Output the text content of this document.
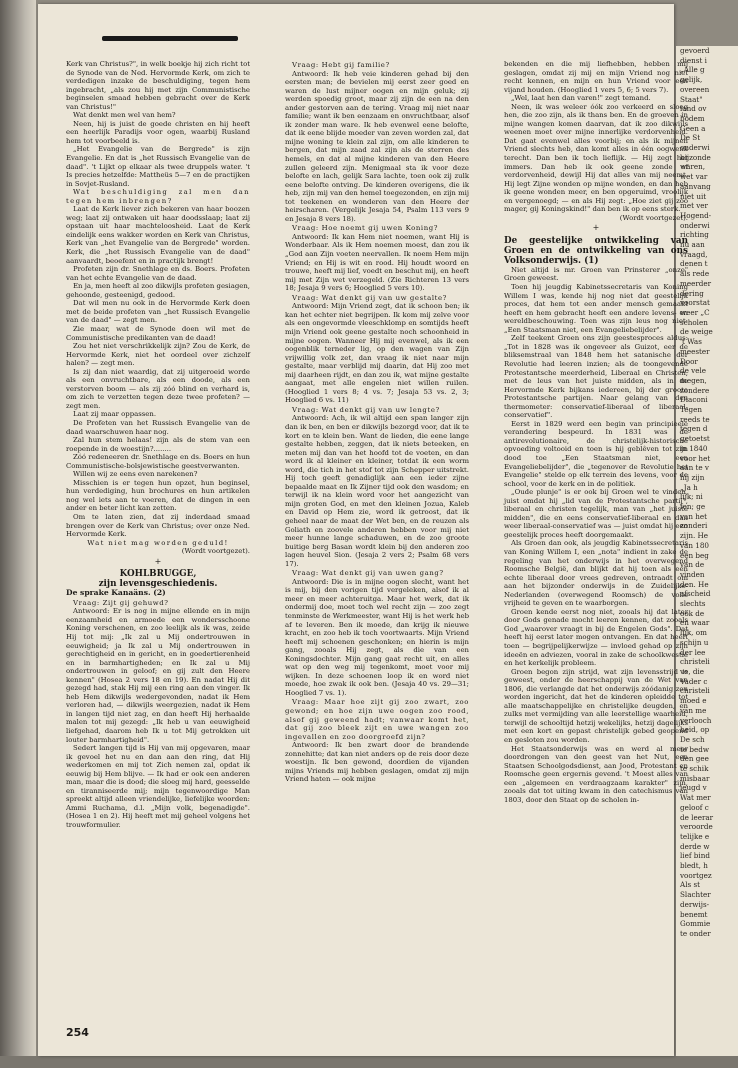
gevoerd
dienst i
„Alle g
gelijk,
overeen
Staat"
land ov
bodem
Geen a
De St
onderwi
bijzonde
waren,
wet var
aanvang
niet uit
met ver
Hogend-
onderwi
richting
nu aan
vraagd,
denen t
als rede
meerder
dering
voorstat
weer „C
scholen
de weige
't Was
meester
Door
de vele
megen,
zondere
Diaconi
Tegen
reeds te
tegen d
getoetst
in 1840
voor het
aan te v
hij zijn
„Ja h
lijk; ni
fen; ge
van het
zonderi
zijn. He
van 180
een beg
van de
vinden
den. He
afscheid
slechts
ook de
en waar
lijk, om
schijn u
der lee
christeli
ve, die
Vader c
christeli
moed e
van me
verlooch
heid, op
De sch
te bedw
den gee
te schik
misbaar
jeugd v
Wat mer
geloof c
de leerar
veroorde
telijke e
derde w
lief bind
bledt, h
voortgez
Als st
Slachter
derwijs-
benemt
Gommie
te onder

Kerk van Christus?", in welk boekje hij zich richt tot de Synode van de Ned. Hervormde Kerk, om zich te verdedigen inzake de beschuldiging, tegen hem ingebracht, „als zou hij met zijn Communistische beginselen smaad hebben gebracht over de Kerk van Christus!"

Wat denkt men wel van hem?

Neen, hij is juist de goede christen en hij heeft een heerlijk Paradijs voor ogen, waarbij Rusland hem tot voorbeeld is.

„Het Evangelie van de Bergrede" is zijn Evangelie. En dat is „het Russisch Evangelie van de daad". 't Lijkt op elkaar als twee druppels water. 't Is precies hetzelfde: Mattheüs 5—7 en de practijken in Sovjet-Rusland.

Wat beschuldiging zal men dan tegen hem inbrengen?

Laat de Kerk liever zich bekeren van haar boozen weg; laat zij ontwaken uit haar doodsslaap; laat zij opstaan uit haar machteloosheid. Laat de Kerk eindelijk eens wakker worden en Kerk van Christus, Kerk van „het Evangelie van de Bergrede" worden. Kerk, die „het Russisch Evangelie van de daad" aanvaardt, beoefent en in practijk brengt!

Profeten zijn dr. Snethlage en ds. Boers. Profeten van het echte Evangelie van de daad.

En ja, men heeft al zoo dikwijls profeten gesiagen, gehoonde, gesteenigd, gedood.

Dat wil men nu ook in de Hervormde Kerk doen met de beide profeten van „het Russisch Evangelie van de daad" — zegt men.

Zie maar, wat de Synode doen wil met de Communistische predikanten van de daad!

Zou het niet verschrikkelijk zijn? Zou de Kerk, de Hervormde Kerk, niet het oordeel over zichzelf halen? — zegt men.

Is zij dan niet waardig, dat zij uitgeroeid worde als een onvruchtbare, als een doode, als een verstorven boom — als zij zóó blind en verhard is, om zich te verzetten tegen deze twee profeten? — zegt men.

Laat zij maar oppassen.

De Profeten van het Russisch Evangelie van de daad waarschuwen haar nog.

Zal hun stem helaas! zijn als de stem van een roepende in de woestijn?........

Zóó redeneeren dr. Snethlage en ds. Boers en hun Communistische-bolsjewistische geestverwanten.

Willen wij ze eens even narekenen?

Misschien is er tegen hun opzet, hun beginsel, hun verdediging, hun brochures en hun artikelen nog wel iets aan te voeren, dat de dingen in een ander en beter licht kan zetten.

Om te laten zien, dat zij inderdaad smaad brengen over de Kerk van Christus; over onze Ned. Hervormde Kerk.

Wat niet mag worden geduld!

(Wordt voortgezet).

+

KOHLBRUGGE,

zijn levensgeschiedenis.

De sprake Kanaäns. (2)

Vraag: Zijt gij gehuwd?

Antwoord: Er is nog in mijne ellende en in mijn eenzaamheid en armoede een wondersschoone Koning verschenen, en zoo leelijk als ik was, zeide Hij tot mij: „Ik zal u Mij ondertrouwen in eeuwigheid; ja Ik zal u Mij ondertrouwen in gerechtigheid en in gericht, en in goedertierenheid en in barmhartigheden; en Ik zal u Mij ondertrouwen in geloof; en gij zult den Heere kennen" (Hosea 2 vers 18 en 19). En nadat Hij dit gezegd had, stak Hij mij een ring aan den vinger. Ik heb Hem dikwijls wedergevonden, nadat ik Hem verloren had, — dikwijls weergezien, nadat ik Hem in langen tijd niet zag, en dan heeft Hij herhaalde malen tot mij gezegd: „Ik heb u van eeuwigheid liefgehad, daarom heb Ik u tot Mij getrokken uit louter barmhartigheid".

Sedert langen tijd is Hij van mij opgevaren, maar ik gevoel het nu en dan aan den ring, dat Hij wederkomen en mij tot Zich nemen zal, opdat ik eeuwig bij Hem blijve. — Ik had er ook een anderen man, maar die is dood; die sloeg mij hard, geesselde en tiranniseerde mij; mijn tegenwoordige Man spreekt altijd alleen vriendelijke, liefelijke woorden: Ammi Ruchama, d.l. „Mijn volk, begenadigde". (Hosea 1 en 2). Hij heeft met mij geheel volgens het trouwformulier.

Vraag: Hebt gij familie?

Antwoord: Ik heb veie kinderen gehad bij den eersten man; de bevielen mij eerst zeer goed en waren de lust mijner oogen en mijn geluk; zij werden spoedig groot, maar zij zijn de een na den ander gestorven aan de tering. Vraag mij niet naar familie; want ik ben eenzaam en onvruchtbaar, alsof ik zonder man ware. Ik heb evenwel eene belofte, dat ik eene blijde moeder van zeven worden zal, dat mijne woning te klein zal zijn, om alle kinderen te bergen, dat mijn zaad zal zijn als de sterren des hemels, en dat al mijne kinderen van den Heere zullen geleerd zijn. Menigmaal sta ik voor deze belofte en lach, gelijk Sara lachte, toen ook zij zulk eene belofte ontving. De kinderen overigens, die ik heb, zijn mij van den hemel toegezonden, en zijn mij tot teekenen en wonderen van den Heere der heirscharen. (Vergelijk Jesaja 54, Psalm 113 vers 9 en Jesaja 8 vers 18).

Vraag: Hoe noemt gij uwen Koning?

Antwoord: Ik kan Hem niet noemen, want Hij is Wonderbaar. Als ik Hem noemen moest, dan zou ik „God aan Zijn voeten neervallen. Ik noem Hem mijn Vriend; en Hij is wit en rood. Hij houdt woord en trouwe, heeft mij lief, voedt en beschut mij, en heeft mij met Zijn wet verzegeld. (Zie Richteren 13 vers 18; Jesaja 9 vers 6; Hooglied 5 vers 10).

Vraag: Wat denkt gij van uw gestalte?

Antwoord: Mijn Vriend zegt, dat ik schoon ben; ik kan het echter niet begrijpen. Ik kom mij zelve voor als een ongevormde vleeschklomp en somtijds heeft mijn Vriend ook geene gestalte noch schoonheid in mijne oogen. Wanneer Hij mij evenwel, als ik een oogenblik terneder lig, op den wagen van Zijn vrijwillig volk zet, dan vraag ik niet naar mijn gestalte, maar verblijd mij daarin, dat Hij zoo met mij daarheen rijdt, en dan zou ik, wat mijne gestalte aangaat, met alle engelen niet willen ruilen. (Hooglied 1 vers 8; 4 vs. 7; Jesaja 53 vs. 2, 3; Hooglied 6 vs. 11)

Vraag: Wat denkt gij van uw lengte?

Antwoord: Ach, ik wil altijd een span langer zijn dan ik ben, en ben er dikwijls bezorgd voor, dat ik te kort en te klein ben. Want de lieden, die eene lange gestalte hebben, zeggen, dat ik niets beteeken, en meten mij dan van het hoofd tot de voeten, en dan word ik al kleiner en kleiner, totdat ik een worm word, die tich in het stof tot zijn Schepper uitstrekt. Hij toch geeft genadiglijk aan een ieder zijne bepaalde maat en Ik Zijner tijd ook den wasdom; en terwijl ik na klein word voor het aangezicht van mijn groten God, en met den kleinen Jozua, Kaleb en David op Hem zie, word ik getroost, dat ik geheel naar de maat der Wet ben, en de reuzen als Goliath en zoovele anderen hebben voor mij niet meer hunne lange schaduwen, en de zoo groote buitige berg Basan wordt klein bij den anderen zoo lagen heuvel Sion. (Jesaja 2 vers 2; Psalm 68 vers 17).

Vraag: Wat denkt gij van uwen gang?

Antwoord: Die is in mijne oogen slecht, want het is mij, bij den vorigen tijd vergeleken, alsof ik al meer en meer achteruitga. Maar het werk, dat ik ondermij doe, moet toch wel recht zijn — zoo zegt tenminste de Werkmeester, want Hij is het werk heb af te leveren. Ben ik moede, dan krijg ik nieuwe kracht, en zoo heb ik toch voortwaarts. Mijn Vriend heeft mij schoenen geschonken; en hierin is mijn gang, zooals Hij zegt, als die van een Koningsdochter. Mijn gang gaat recht uit, en alles wat op den weg mij tegenkomt, moet voor mij wijken. In deze schoenen loop ik en word niet moede, hoe zwak ik ook ben. (Jesaja 40 vs. 29—31; Hooglied 7 vs. 1).

Vraag: Maar hoe zijt gij zoo zwart, zoo gewond; en hoe zijn uwe oogen zoo rood, alsof gij geweend hadt; vanwaar komt het, dat gij zoo bleek zijt en uwe wangen zoo ingevallen en zoo doorgroefd zijn?

Antwoord: Ik ben zwart door de brandende zonnehitte; dat kan niet anders op de reis door deze woestijn. Ik ben gewond, doordien de vijanden mijns Vriends mij hebben geslagen, omdat zij mijn Vriend haten — ook mijne

bekenden en die mij liefhebben, hebben mij geslagen, omdat zij mij en mijn Vriend nog niet recht kennen, en mijn en hun Vriend voor een vijand houden. (Hooglied 1 vers 5, 6; 5 vers 7).

„Wel, laat hen dan varen!" zegt temand.

Neen, ik was weleer óók zoo verkeerd en sloeg hen, die zoo zijn, als ik thans ben. En de groeven in mijne wangen komen daarvan, dat ik zoo dikwijls weenen moet over mijne innerlijke verdorvenheid. Dat gaat evenwel alles voorbij; en als ik mijnen Vriend slechts heb, dan komt alles in één oogwenk terecht. Dan ben ik toch lieflijk. — Hij zegt het immers. Dan heb ik ook geene zonde of verdorvenheid, dewijl Hij dat alles van mij neemt. Hij legt Zijne wonden op mijne wonden, en dan heb ik geene wonden meer, en ben opgeruimd, vroolijk en vergenoegd; — en als Hij zegt: „Hoe ziet gij zoo mager, gij Koningskind!" dan ben ik op eens sterk.

(Wordt voortgezet).

+

De geestelijke ontwikkeling van Groen en de ontwikkeling van ons Volksonderwijs. (1)

Niet altijd is mr. Groen van Prinsterer „onze" Groen geweest.

Toen hij jeugdig Kabinetssecretaris van Koning Willem I was, kende hij nog niet dat geestelijk proces, dat hem tot een ander mensch gemaakt heeft en hem gebracht heeft een andere levens- en wereldbeschouwing. Toen was zijn leus nog niet: „Een Staatsman niet, een Evangeliebelijder".

Zelf teekent Groen ons zijn geestesproces aldus: „Tot in 1828 was ik ongeveer als Guizot, eer de bliksemstraal van 1848 hem het satanische der Revolutie had leeren inzien; als de toongevende Protestantsche meerderheid, Liberaal en Christen, met de leus van het juiste midden, als in de Hervormde Kerk bijkans iedereen, bij der groote Protestantsche partijen. Naar gelang van den thermometer: conservatief-liberaal of liberaal-conservatief".

Eerst in 1829 werd een begin van principieele verandering bespeurd. In 1831 was de antirevolutionaire, de christelijk-historische opvoeding voltooid en toen is hij geblêven tot zijn dood toe „Een Staatsman niet, een Evangeliebelijder", die „tegenover de Revolutie het Evangelie" stelde op elk terrein des levens, voor de school, voor de kerk en in de politiek.

„Oude plunje" is er ook bij Groen wel te vinden, juist omdat hij „lid van de Protestantsche partij", liberaal en christen tegelijk, man van „het juiste midden", die en eens conservatief-liberaal en dan weer liberaal-conservatief was — juist omdat hij een geestelijk proces heeft doorgemaakt.

Als Groen dan ook, als jeugdig Kabinetssecretaris van Koning Willem I, een „nota" indient in zake de regeling van het onderwijs in het overwegend Roomsche België, dan blijkt dat hij toen als een echte liberaal door vrees gedreven, ontraadt om aan het bijzonder onderwijs in de Zuidelijke-Nederlanden (overwegend Roomsch) de volle vrijheid te geven en te waarborgen.

Groen kende eerst nog niet, zooals hij dat later door Gods genade mocht leeren kennen, dat zooals God „waarover vraagt in bij de Engelen Gods". Dat heeft hij eerst later mogen ontvangen. En dat heeft toen — begrijpelijkerwijze — invloed gehad op zijn ideeën en adviezen, vooral in zake de schoolkwestie en het kerkelijk probleem.

Groen begon zijn strijd, wat zijn levensstrijd is geweest, onder de heerschappij van de Wet van 1806, die verlangde dat het onderwijs zóódanig zou worden ingericht, dat het de kinderen opleidde tot alle maatschappelijke en christelijke deugden, en zulks met vermijding van alle leerstellige waarheid, terwijl de schooltijd hetzij wekelijks, hetzij dagelijks met een kort en gepast christelijk gebed geopend en gesloten zou worden.

Het Staatsonderwijs was en werd al meer doordrongen van den geest van het Nut, een Staatsen Schoolgodsdienst, aan Jood, Protestant en Roomsche geen ergernis gevend. 't Moest alles van een „algemeen en verdraagzaam karakter" zijn, zooals dat tot uiting kwam in den catechismus van 1803, door den Staat op de scholen in-

254
